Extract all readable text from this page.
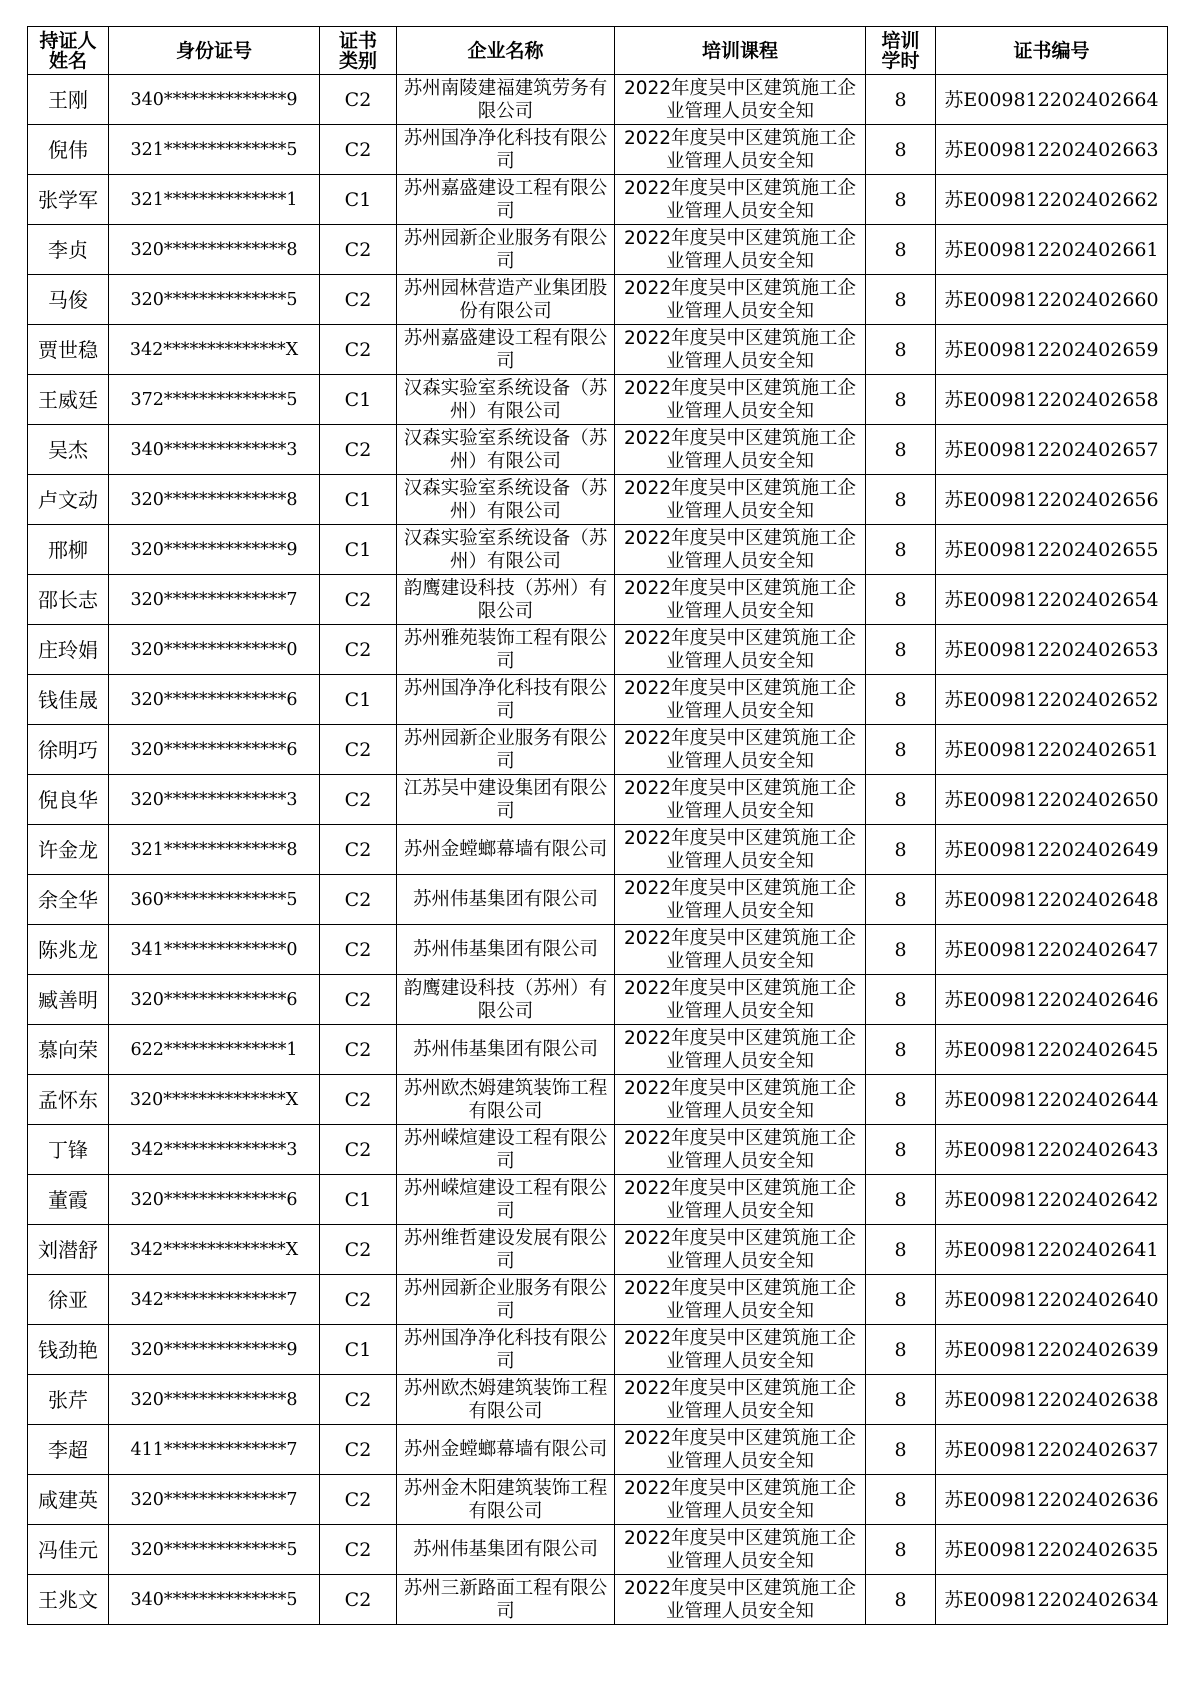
持证人姓名	身份证号	证书类别	企业名称	培训课程	培训学时	证书编号
王刚	340**************9	C2	苏州南陵建福建筑劳务有限公司	2022年度吴中区建筑施工企业管理人员安全知	8	苏E009812202402664
倪伟	321**************5	C2	苏州国净净化科技有限公司	2022年度吴中区建筑施工企业管理人员安全知	8	苏E009812202402663
张学军	321**************1	C1	苏州嘉盛建设工程有限公司	2022年度吴中区建筑施工企业管理人员安全知	8	苏E009812202402662
李贞	320**************8	C2	苏州园新企业服务有限公司	2022年度吴中区建筑施工企业管理人员安全知	8	苏E009812202402661
马俊	320**************5	C2	苏州园林营造产业集团股份有限公司	2022年度吴中区建筑施工企业管理人员安全知	8	苏E009812202402660
贾世稳	342**************X	C2	苏州嘉盛建设工程有限公司	2022年度吴中区建筑施工企业管理人员安全知	8	苏E009812202402659
王威廷	372**************5	C1	汉森实验室系统设备（苏州）有限公司	2022年度吴中区建筑施工企业管理人员安全知	8	苏E009812202402658
吴杰	340**************3	C2	汉森实验室系统设备（苏州）有限公司	2022年度吴中区建筑施工企业管理人员安全知	8	苏E009812202402657
卢文动	320**************8	C1	汉森实验室系统设备（苏州）有限公司	2022年度吴中区建筑施工企业管理人员安全知	8	苏E009812202402656
邢柳	320**************9	C1	汉森实验室系统设备（苏州）有限公司	2022年度吴中区建筑施工企业管理人员安全知	8	苏E009812202402655
邵长志	320**************7	C2	韵鹰建设科技（苏州）有限公司	2022年度吴中区建筑施工企业管理人员安全知	8	苏E009812202402654
庄玲娟	320**************0	C2	苏州雅苑装饰工程有限公司	2022年度吴中区建筑施工企业管理人员安全知	8	苏E009812202402653
钱佳晟	320**************6	C1	苏州国净净化科技有限公司	2022年度吴中区建筑施工企业管理人员安全知	8	苏E009812202402652
徐明巧	320**************6	C2	苏州园新企业服务有限公司	2022年度吴中区建筑施工企业管理人员安全知	8	苏E009812202402651
倪良华	320**************3	C2	江苏吴中建设集团有限公司	2022年度吴中区建筑施工企业管理人员安全知	8	苏E009812202402650
许金龙	321**************8	C2	苏州金螳螂幕墙有限公司	2022年度吴中区建筑施工企业管理人员安全知	8	苏E009812202402649
余全华	360**************5	C2	苏州伟基集团有限公司	2022年度吴中区建筑施工企业管理人员安全知	8	苏E009812202402648
陈兆龙	341**************0	C2	苏州伟基集团有限公司	2022年度吴中区建筑施工企业管理人员安全知	8	苏E009812202402647
臧善明	320**************6	C2	韵鹰建设科技（苏州）有限公司	2022年度吴中区建筑施工企业管理人员安全知	8	苏E009812202402646
慕向荣	622**************1	C2	苏州伟基集团有限公司	2022年度吴中区建筑施工企业管理人员安全知	8	苏E009812202402645
孟怀东	320**************X	C2	苏州欧杰姆建筑装饰工程有限公司	2022年度吴中区建筑施工企业管理人员安全知	8	苏E009812202402644
丁锋	342**************3	C2	苏州嵘煊建设工程有限公司	2022年度吴中区建筑施工企业管理人员安全知	8	苏E009812202402643
董霞	320**************6	C1	苏州嵘煊建设工程有限公司	2022年度吴中区建筑施工企业管理人员安全知	8	苏E009812202402642
刘潜舒	342**************X	C2	苏州维哲建设发展有限公司	2022年度吴中区建筑施工企业管理人员安全知	8	苏E009812202402641
徐亚	342**************7	C2	苏州园新企业服务有限公司	2022年度吴中区建筑施工企业管理人员安全知	8	苏E009812202402640
钱劲艳	320**************9	C1	苏州国净净化科技有限公司	2022年度吴中区建筑施工企业管理人员安全知	8	苏E009812202402639
张芹	320**************8	C2	苏州欧杰姆建筑装饰工程有限公司	2022年度吴中区建筑施工企业管理人员安全知	8	苏E009812202402638
李超	411**************7	C2	苏州金螳螂幕墙有限公司	2022年度吴中区建筑施工企业管理人员安全知	8	苏E009812202402637
咸建英	320**************7	C2	苏州金木阳建筑装饰工程有限公司	2022年度吴中区建筑施工企业管理人员安全知	8	苏E009812202402636
冯佳元	320**************5	C2	苏州伟基集团有限公司	2022年度吴中区建筑施工企业管理人员安全知	8	苏E009812202402635
王兆文	340**************5	C2	苏州三新路面工程有限公司	2022年度吴中区建筑施工企业管理人员安全知	8	苏E009812202402634
